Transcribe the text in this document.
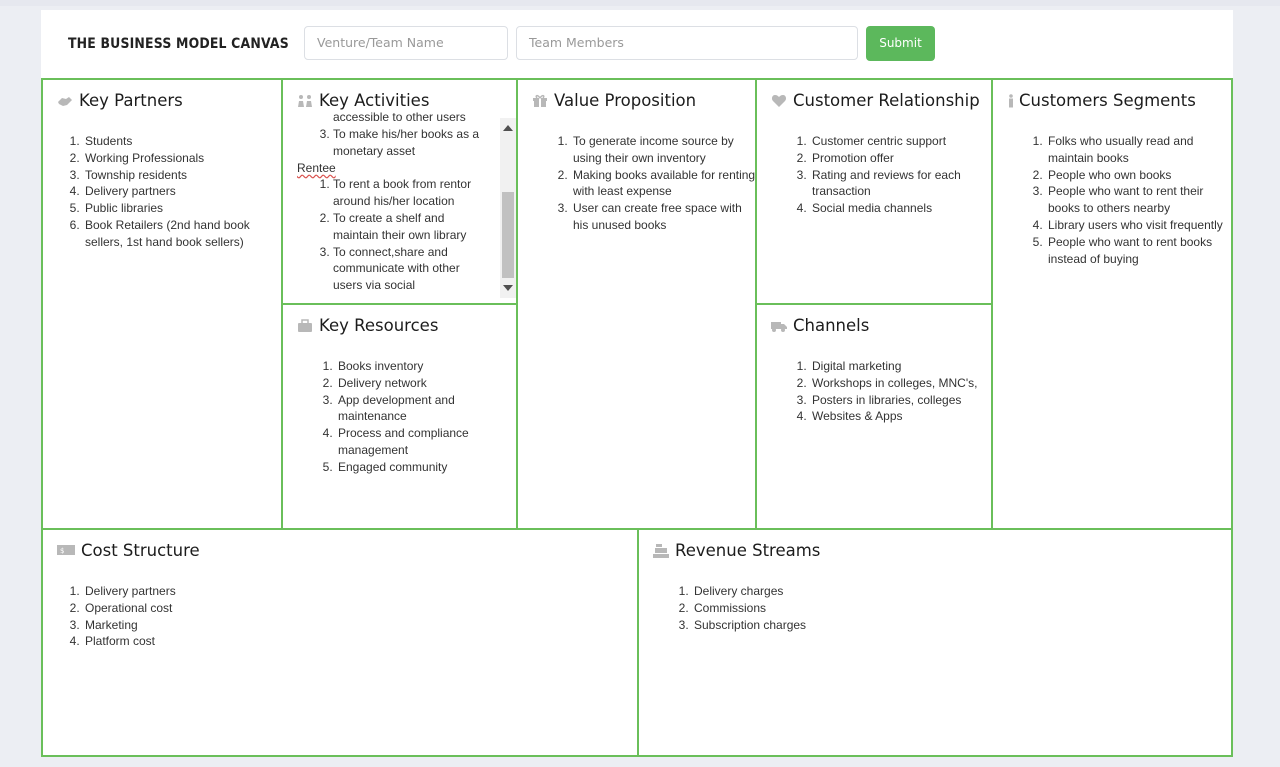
THE BUSINESS MODEL CANVAS	Venture/Team Name	Team Members	Submit
Key Partners
1. Students
2. Working Professionals
3. Township residents
4. Delivery partners
5. Public libraries
6. Book Retailers (2nd hand book sellers, 1st hand book sellers)
Key Activities
accessible to other users
3. To make his/her books as a monetary asset

Rentee

1. To rent a book from rentor around his/her location
2. To create a shelf and maintain their own library
3. To connect,share and communicate with other users via social
Key Resources
1. Books inventory
2. Delivery network
3. App development and maintenance
4. Process and compliance management
5. Engaged community
Value Proposition
1. To generate income source by using their own inventory
2. Making books available for renting with least expense
3. User can create free space with his unused books
Customer Relationship
1. Customer centric support
2. Promotion offer
3. Rating and reviews for each transaction
4. Social media channels
Channels
1. Digital marketing
2. Workshops in colleges, MNC's,
3. Posters in libraries, colleges
4. Websites & Apps
Customers Segments
1. Folks who usually read and maintain books
2. People who own books
3. People who want to rent their books to others nearby
4. Library users who visit frequently
5. People who want to rent books instead of buying
$ Cost Structure
1. Delivery partners
2. Operational cost
3. Marketing
4. Platform cost
Revenue Streams
1. Delivery charges
2. Commissions
3. Subscription charges
